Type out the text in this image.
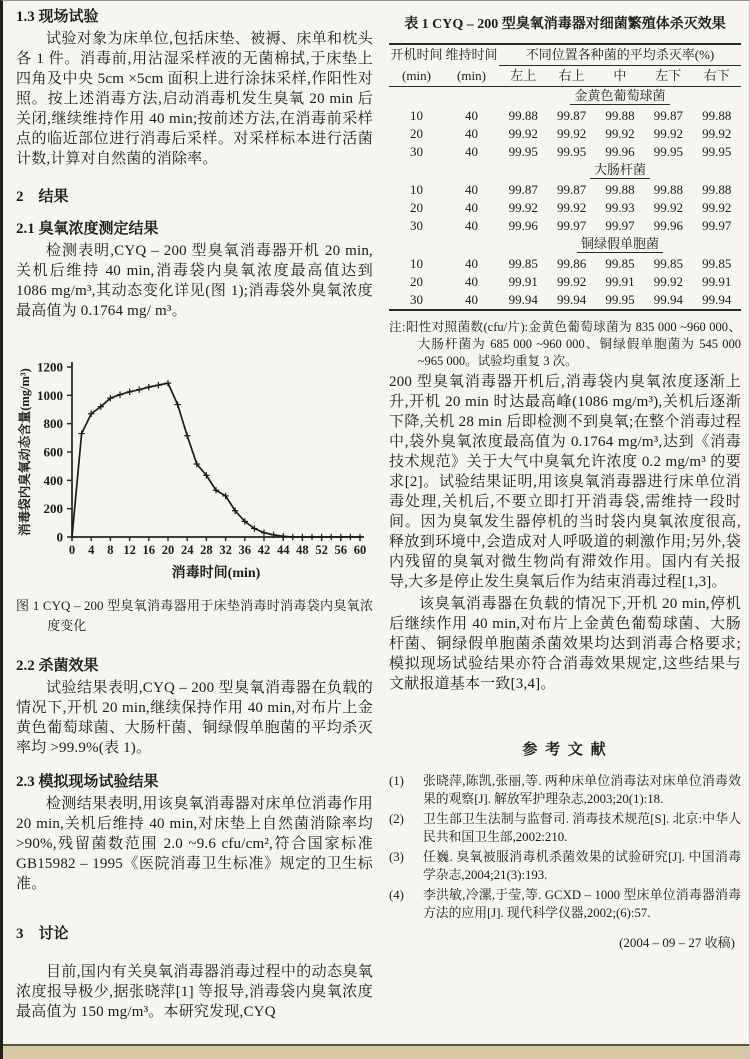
1.3 现场试验

试验对象为床单位,包括床垫、被褥、床单和枕头各 1 件。消毒前,用沾湿采样液的无菌棉拭,于床垫上四角及中央 5cm ×5cm 面积上进行涂抹采样,作阳性对照。按上述消毒方法,启动消毒机发生臭氧 20 min 后关闭,继续维持作用 40 min;按前述方法,在消毒前采样点的临近部位进行消毒后采样。对采样标本进行活菌计数,计算对自然菌的消除率。

2　结果
2.1 臭氧浓度测定结果

检测表明,CYQ – 200 型臭氧消毒器开机 20 min,关机后维持 40 min,消毒袋内臭氧浓度最高值达到 1086 mg/m³,其动态变化详见(图 1);消毒袋外臭氧浓度最高值为 0.1764 mg/ m³。

0
200
400
600
800
1000
1200
0 4 8 12 16 20 24 28 32 36 42 44 48 52 56 60
消毒时间(min)
消毒袋内臭氧动态含量(mg/m³)
图 1 CYQ – 200 型臭氧消毒器用于床垫消毒时消毒袋内臭氧浓度变化
2.2 杀菌效果

试验结果表明,CYQ – 200 型臭氧消毒器在负载的情况下,开机 20 min,继续保持作用 40 min,对布片上金黄色葡萄球菌、大肠杆菌、铜绿假单胞菌的平均杀灭率均 >99.9%(表 1)。

2.3 模拟现场试验结果

检测结果表明,用该臭氧消毒器对床单位消毒作用 20 min,关机后维持 40 min,对床垫上自然菌消除率均 >90%,残留菌数范围 2.0 ~9.6 cfu/cm²,符合国家标准 GB15982 – 1995《医院消毒卫生标准》规定的卫生标准。

3　讨论

目前,国内有关臭氧消毒器消毒过程中的动态臭氧浓度报导极少,据张晓萍[1] 等报导,消毒袋内臭氧浓度最高值为 150 mg/m³。本研究发现,CYQ

表 1 CYQ – 200 型臭氧消毒器对细菌繁殖体杀灭效果
开机时间	维持时间	不同位置各种菌的平均杀灭率(%)				
(min)	(min)	左上	右上	中	左下	右下
		金黄色葡萄球菌				
10	40	99.88	99.87	99.88	99.87	99.88
20	40	99.92	99.92	99.92	99.92	99.92
30	40	99.95	99.95	99.96	99.95	99.95
		大肠杆菌				
10	40	99.87	99.87	99.88	99.88	99.88
20	40	99.92	99.92	99.93	99.92	99.92
30	40	99.96	99.97	99.97	99.96	99.97
		铜绿假单胞菌				
10	40	99.85	99.86	99.85	99.85	99.85
20	40	99.91	99.92	99.91	99.92	99.91
30	40	99.94	99.94	99.95	99.94	99.94

注:阳性对照菌数(cfu/片):金黄色葡萄球菌为 835 000 ~960 000、大肠杆菌为 685 000 ~960 000、铜绿假单胞菌为 545 000 ~965 000。试验均重复 3 次。

200 型臭氧消毒器开机后,消毒袋内臭氧浓度逐渐上升,开机 20 min 时达最高峰(1086 mg/m³),关机后逐渐下降,关机 28 min 后即检测不到臭氧;在整个消毒过程中,袋外臭氧浓度最高值为 0.1764 mg/m³,达到《消毒技术规范》关于大气中臭氧允许浓度 0.2 mg/m³ 的要求[2]。试验结果证明,用该臭氧消毒器进行床单位消毒处理,关机后,不要立即打开消毒袋,需维持一段时间。因为臭氧发生器停机的当时袋内臭氧浓度很高,释放到环境中,会造成对人呼吸道的刺激作用;另外,袋内残留的臭氧对微生物尚有滞效作用。国内有关报导,大多是停止发生臭氧后作为结束消毒过程[1,3]。

该臭氧消毒器在负载的情况下,开机 20 min,停机后继续作用 40 min,对布片上金黄色葡萄球菌、大肠杆菌、铜绿假单胞菌杀菌效果均达到消毒合格要求;模拟现场试验结果亦符合消毒效果规定,这些结果与文献报道基本一致[3,4]。

参 考 文 献
(1)	张晓萍,陈凯,张丽,等. 两种床单位消毒法对床单位消毒效果的观察[J]. 解放军护理杂志,2003;20(1):18.
(2)	卫生部卫生法制与监督司. 消毒技术规范[S]. 北京:中华人民共和国卫生部,2002:210.
(3)	任巍. 臭氧被服消毒机杀菌效果的试验研究[J]. 中国消毒学杂志,2004;21(3):193.
(4)	李洪敏,冷漯,于莹,等. GCXD – 1000 型床单位消毒器消毒方法的应用[J]. 现代科学仪器,2002;(6):57.
(2004 – 09 – 27 收稿)
